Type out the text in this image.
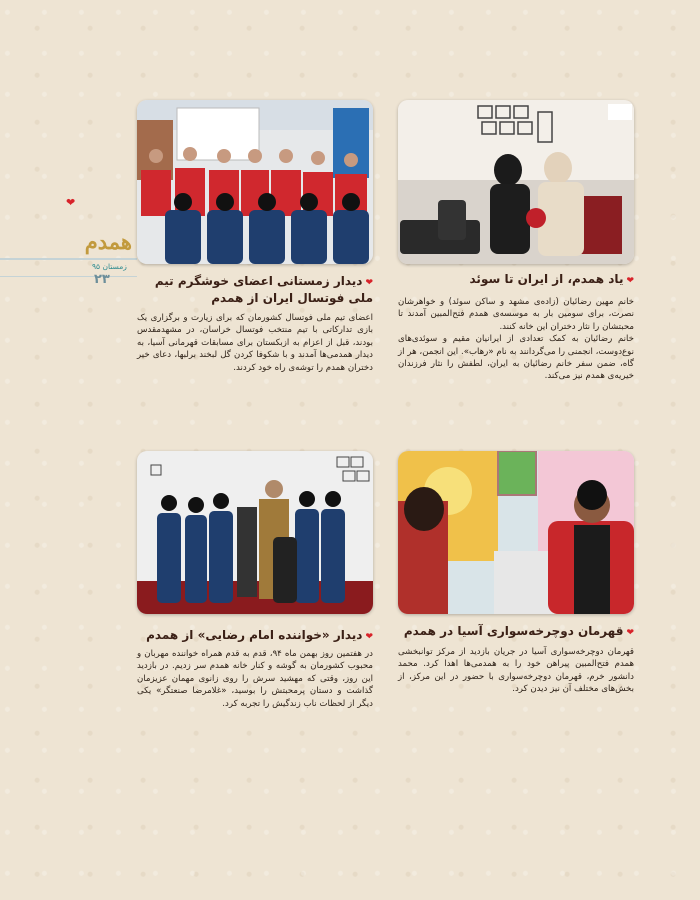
❤
همدم
زمستان ۹۵
۲۳	❤یاد همدم، از ایران تا سوئد
خانم مهین رضائیان (زاده‌ی مشهد و ساکن سوئد) و خواهرشان نصرت، برای سومین بار به موسسه‌ی همدم فتح‌المبین آمدند تا محبتشان را نثار دختران این خانه کنند.
خانم رضائیان به کمک تعدادی از ایرانیان مقیم و سوئدی‌های نوع‌دوست، انجمنی را می‌گردانند به نام «رهاب». این انجمن، هر از گاه، ضمن سفر خانم رضائیان به ایران، لطفش را نثار فرزندان خیریه‌ی همدم نیز می‌کند.
❤دیدار زمستانی اعضای خوشگرم تیم ملی فوتسال ایران از همدم
اعضای تیم ملی فوتسال کشورمان که برای زیارت و برگزاری یک بازی تدارکاتی با تیم منتخب فوتسال خراسان، در مشهدمقدس بودند، قبل از اعزام به ازبکستان برای مسابقات قهرمانی آسیا، به دیدار همدمی‌ها آمدند و با شکوفا کردن گل لبخند برلبها، دعای خیر دختران همدم را توشه‌ی راه خود کردند.
❤قهرمان دوچرخه‌سواری آسیا در همدم
قهرمان دوچرخه‌سواری آسیا در جریان بازدید از مرکز توانبخشی همدم فتح‌المبین پیراهن خود را به همدمی‌ها اهدا کرد. محمد دانشور خرم، قهرمان دوچرخه‌سواری با حضور در این مرکز، از بخش‌های مختلف آن نیز دیدن کرد.
❤دیدار «خواننده امام رضایی» از همدم
در هفتمین روز بهمن ماه ۹۴، قدم به قدم همراه خواننده مهربان و محبوب کشورمان به گوشه و کنار خانه همدم سر زدیم. در بازدید این روز، وقتی که مهشید سرش را روی زانوی مهمان عزیزمان گذاشت و دستان پرمحبتش را بوسید، «غلامرضا صنعتگر» یکی دیگر از لحظات ناب زندگیش را تجربه کرد.
